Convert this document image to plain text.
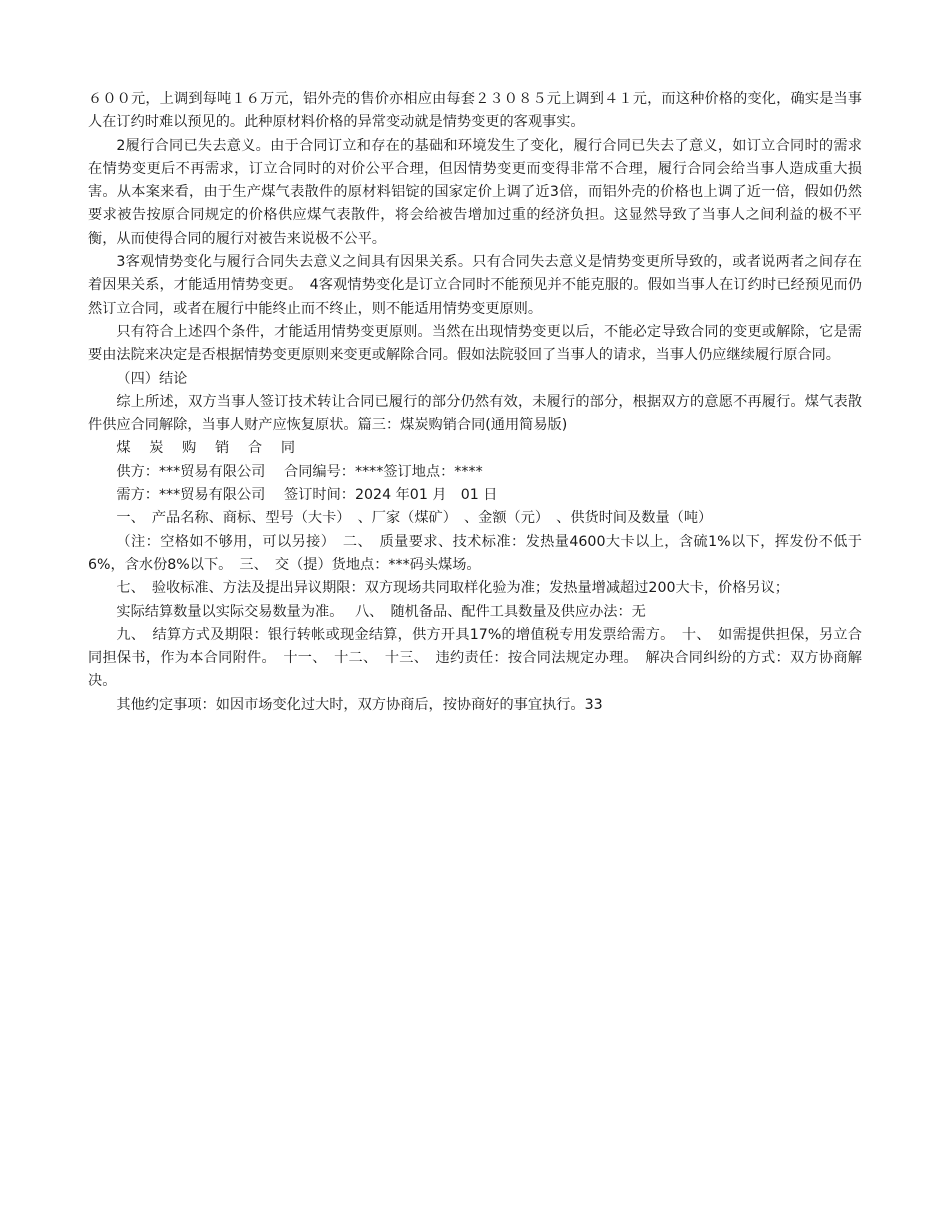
６００元，上调到每吨１６万元，铝外壳的售价亦相应由每套２３０８５元上调到４１元，而这种价格的变化，确实是当事人在订约时难以预见的。此种原材料价格的异常变动就是情势变更的客观事实。

2履行合同已失去意义。由于合同订立和存在的基础和环境发生了变化，履行合同已失去了意义，如订立合同时的需求在情势变更后不再需求，订立合同时的对价公平合理，但因情势变更而变得非常不合理，履行合同会给当事人造成重大损害。从本案来看，由于生产煤气表散件的原材料铝锭的国家定价上调了近3倍，而铝外壳的价格也上调了近一倍，假如仍然要求被告按原合同规定的价格供应煤气表散件，将会给被告增加过重的经济负担。这显然导致了当事人之间利益的极不平衡，从而使得合同的履行对被告来说极不公平。

3客观情势变化与履行合同失去意义之间具有因果关系。只有合同失去意义是情势变更所导致的，或者说两者之间存在着因果关系，才能适用情势变更。　4客观情势变化是订立合同时不能预见并不能克服的。假如当事人在订约时已经预见而仍然订立合同，或者在履行中能终止而不终止，则不能适用情势变更原则。

只有符合上述四个条件，才能适用情势变更原则。当然在出现情势变更以后，不能必定导致合同的变更或解除，它是需要由法院来决定是否根据情势变更原则来变更或解除合同。假如法院驳回了当事人的请求，当事人仍应继续履行原合同。

（四）结论

综上所述，双方当事人签订技术转让合同已履行的部分仍然有效，未履行的部分，根据双方的意愿不再履行。煤气表散件供应合同解除，当事人财产应恢复原状。篇三：煤炭购销合同(通用简易版)

煤　 炭　 购　 销　 合　 同

供方：***贸易有限公司　 合同编号：****签订地点：****

需方：***贸易有限公司　 签订时间：2024 年01 月　01 日

一、　产品名称、商标、型号（大卡）　、厂家（煤矿）　、金额（元）　、供货时间及数量（吨）

（注：空格如不够用，可以另接）　二、　质量要求、技术标准：发热量4600大卡以上，含硫1%以下，挥发份不低于6%，含水份8%以下。　三、　交（提）货地点：***码头煤场。

七、　验收标准、方法及提出异议期限：双方现场共同取样化验为准；发热量增减超过200大卡，价格另议；

实际结算数量以实际交易数量为准。　 八、　随机备品、配件工具数量及供应办法：无

九、　结算方式及期限：银行转帐或现金结算，供方开具17%的增值税专用发票给需方。　十、　如需提供担保，另立合同担保书，作为本合同附件。　十一、　十二、　十三、　违约责任：按合同法规定办理。　解决合同纠纷的方式：双方协商解决。

其他约定事项：如因市场变化过大时，双方协商后，按协商好的事宜执行。33
